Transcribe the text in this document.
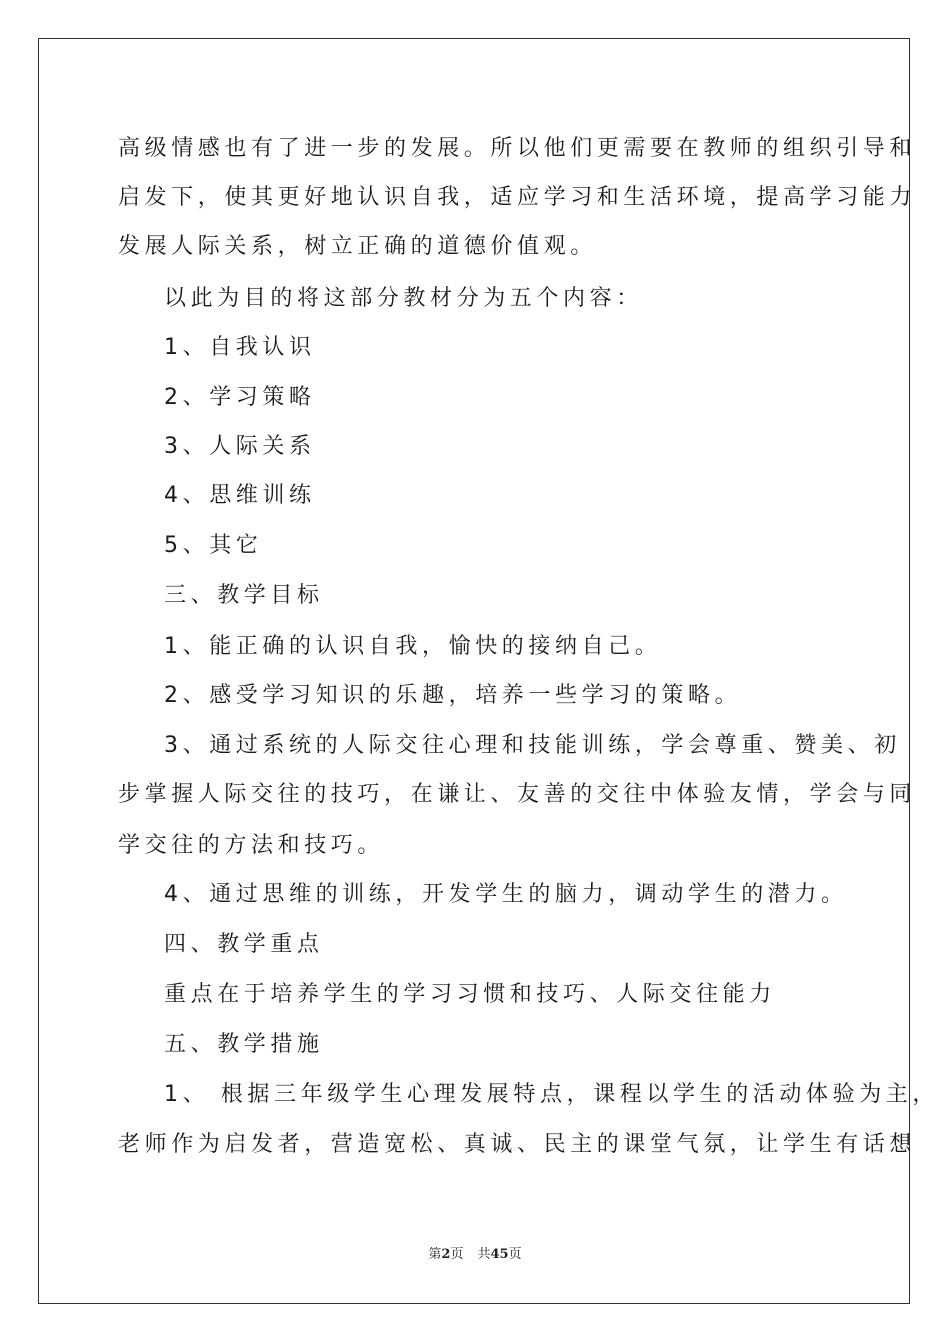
高级情感也有了进一步的发展。所以他们更需要在教师的组织引导和
启发下，使其更好地认识自我，适应学习和生活环境，提高学习能力
发展人际关系，树立正确的道德价值观。
以此为目的将这部分教材分为五个内容：
1、自我认识
2、学习策略
3、人际关系
4、思维训练
5、其它
三、教学目标
1、能正确的认识自我，愉快的接纳自己。
2、感受学习知识的乐趣，培养一些学习的策略。
3、通过系统的人际交往心理和技能训练，学会尊重、赞美、初
步掌握人际交往的技巧，在谦让、友善的交往中体验友情，学会与同
学交往的方法和技巧。
4、通过思维的训练，开发学生的脑力，调动学生的潜力。
四、教学重点
重点在于培养学生的学习习惯和技巧、人际交往能力
五、教学措施
1、 根据三年级学生心理发展特点，课程以学生的活动体验为主，
老师作为启发者，营造宽松、真诚、民主的课堂气氛，让学生有话想
第2页 共45页
